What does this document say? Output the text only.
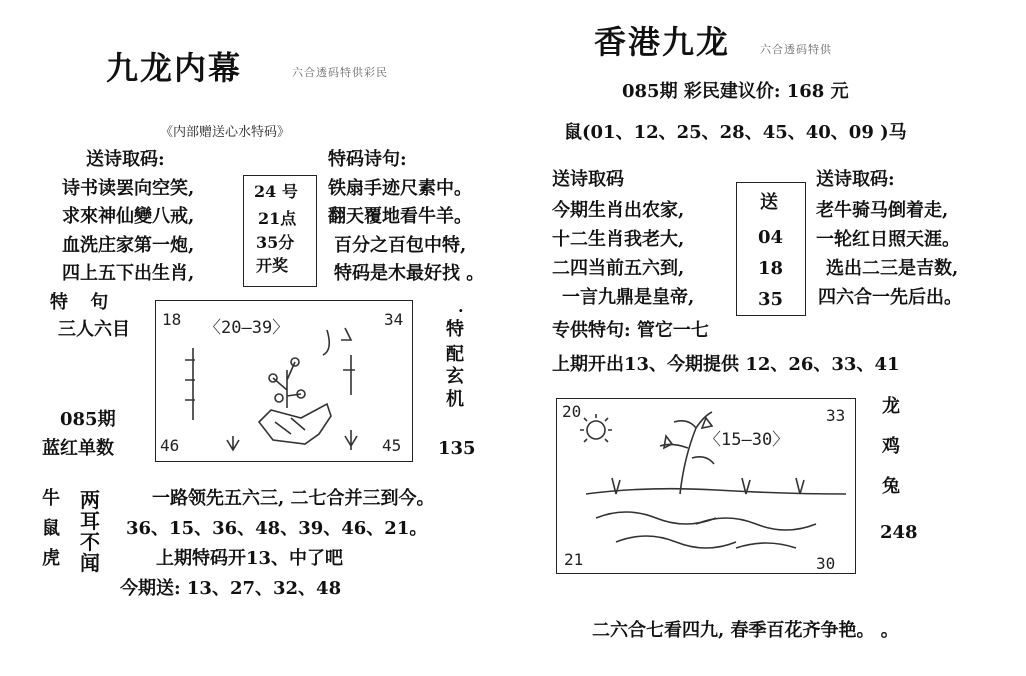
九龙内幕	六合透码特供彩民
《内部赠送心水特码》
送诗取码:
诗书读罢向空笑,
求來神仙變八戒,
血洗庄家第一炮,
四上五下出生肖,
24 号
21点
35分
开奖
特码诗句:
铁扇手迹尺素中。
翻天覆地看牛羊。
百分之百包中特,
特码是木最好找 。
特 句
三人六目
085期
蓝红单数
18	34
46	45
〈20—39〉
.
特
配
玄
机
135
牛
鼠
虎
两
耳
不
闻
一路领先五六三, 二七合并三到今。
36、15、36、48、39、46、21。
上期特码开13、中了吧
今期送: 13、27、32、48
香港九龙	六合透码特供
085期 彩民建议价: 168 元
鼠(01、12、25、28、45、40、09 )马
送诗取码
今期生肖出农家,
十二生肖我老大,
二四当前五六到,
一言九鼎是皇帝,
送
04
18
35
送诗取码:
老牛骑马倒着走,
一轮红日照天涯。
选出二三是吉数,
四六合一先后出。
专供特句: 管它一七
上期开出13、今期提供 12、26、33、41
20	33
21	30
〈15—30〉
龙
鸡
兔
248
二六合七看四九, 春季百花齐争艳。 。
